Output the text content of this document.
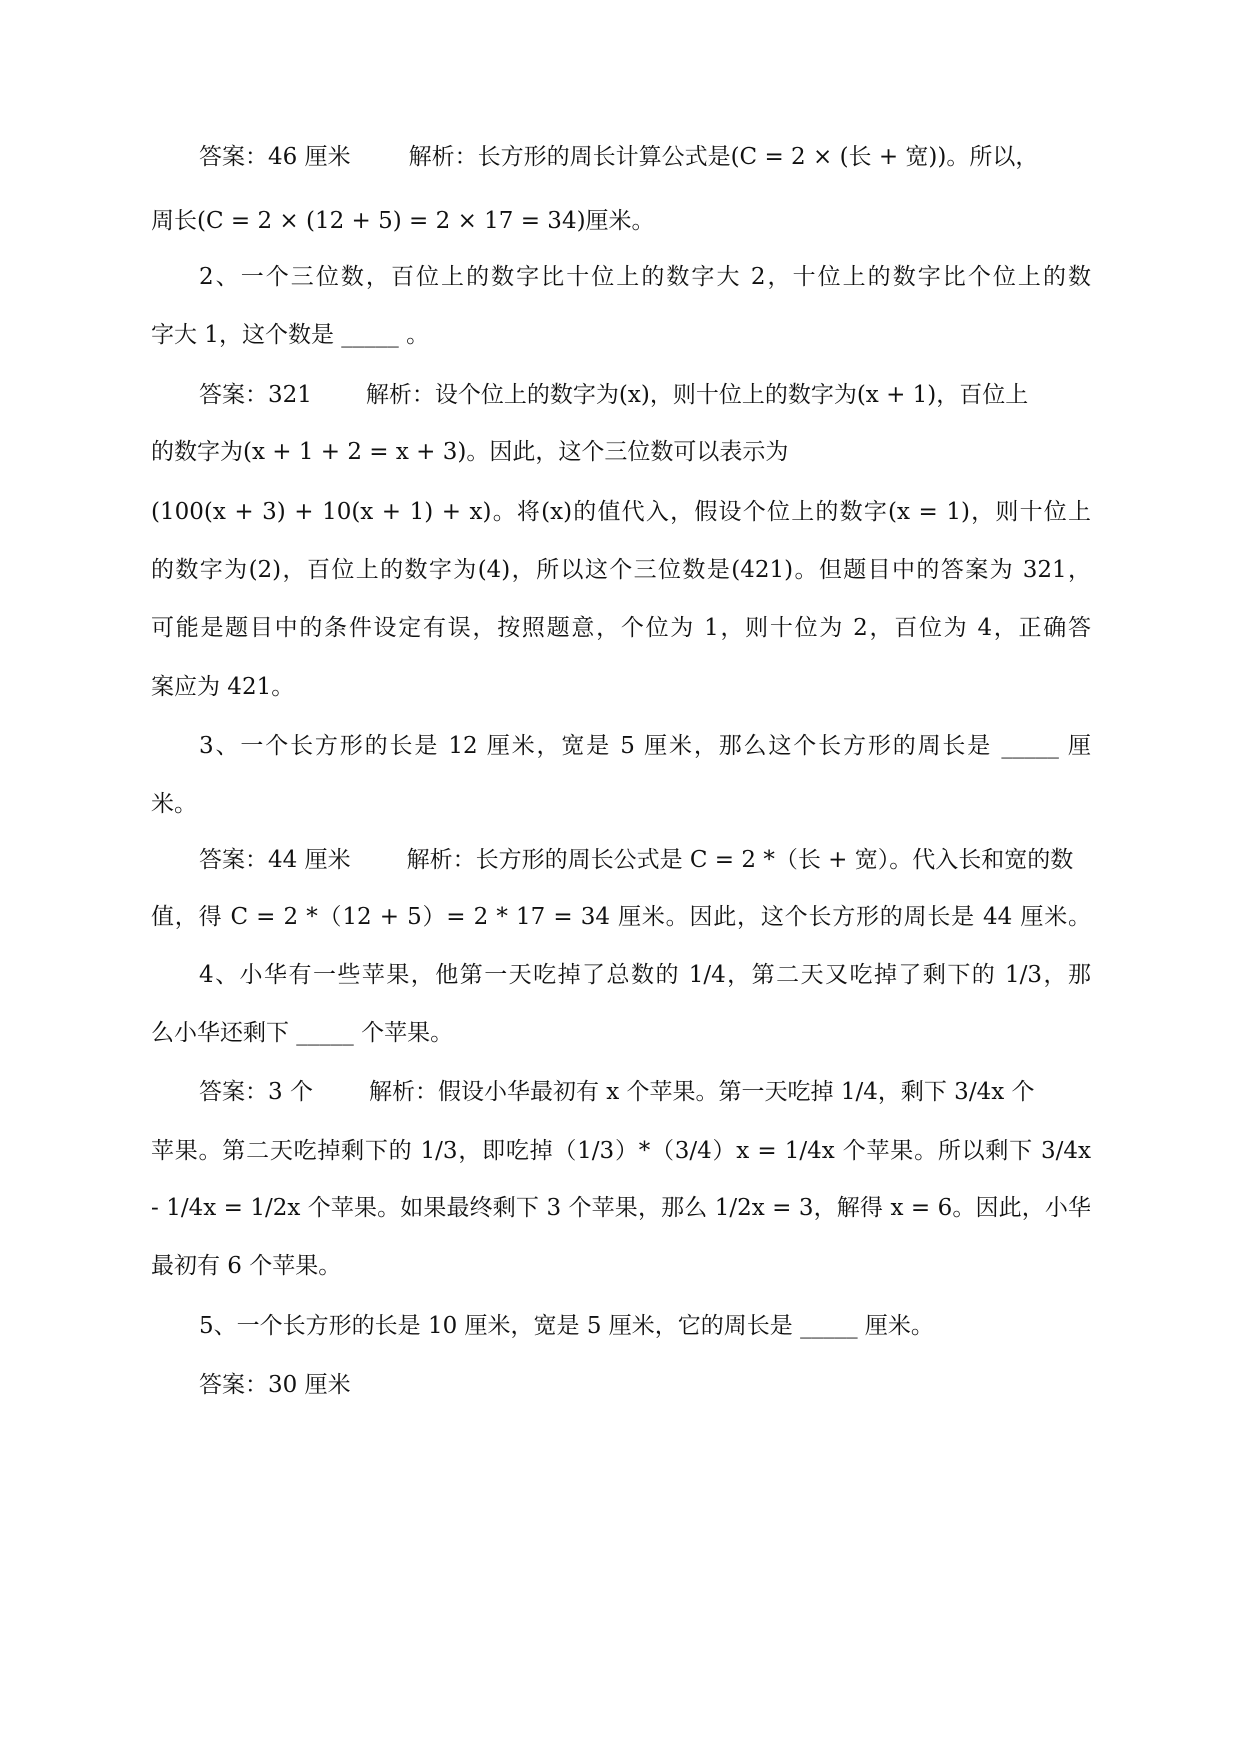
答案：46 厘米	解析：长方形的周长计算公式是(C = 2 × (长 + 宽))。所以，
周长(C = 2 × (12 + 5) = 2 × 17 = 34)厘米。
2、一个三位数，百位上的数字比十位上的数字大 2，十位上的数字比个位上的数
字大 1，这个数是 _____ 。
答案：321 解析：设个位上的数字为(x)，则十位上的数字为(x + 1)，百位上
的数字为(x + 1 + 2 = x + 3)。因此，这个三位数可以表示为
(100(x + 3) + 10(x + 1) + x)。将(x)的值代入，假设个位上的数字(x = 1)，则十位上
的数字为(2)，百位上的数字为(4)，所以这个三位数是(421)。但题目中的答案为 321，
可能是题目中的条件设定有误，按照题意，个位为 1，则十位为 2，百位为 4，正确答
案应为 421。
3、一个长方形的长是 12 厘米，宽是 5 厘米，那么这个长方形的周长是 _____ 厘
米。
答案：44 厘米 解析：长方形的周长公式是 C = 2 *（长 + 宽）。代入长和宽的数
值，得 C = 2 *（12 + 5）= 2 * 17 = 34 厘米。因此，这个长方形的周长是 44 厘米。
4、小华有一些苹果，他第一天吃掉了总数的 1/4，第二天又吃掉了剩下的 1/3，那
么小华还剩下 _____ 个苹果。
答案：3 个 解析：假设小华最初有 x 个苹果。第一天吃掉 1/4，剩下 3/4x 个
苹果。第二天吃掉剩下的 1/3，即吃掉（1/3）*（3/4）x = 1/4x 个苹果。所以剩下 3/4x
- 1/4x = 1/2x 个苹果。如果最终剩下 3 个苹果，那么 1/2x = 3，解得 x = 6。因此，小华
最初有 6 个苹果。
5、一个长方形的长是 10 厘米，宽是 5 厘米，它的周长是 _____ 厘米。
答案：30 厘米
